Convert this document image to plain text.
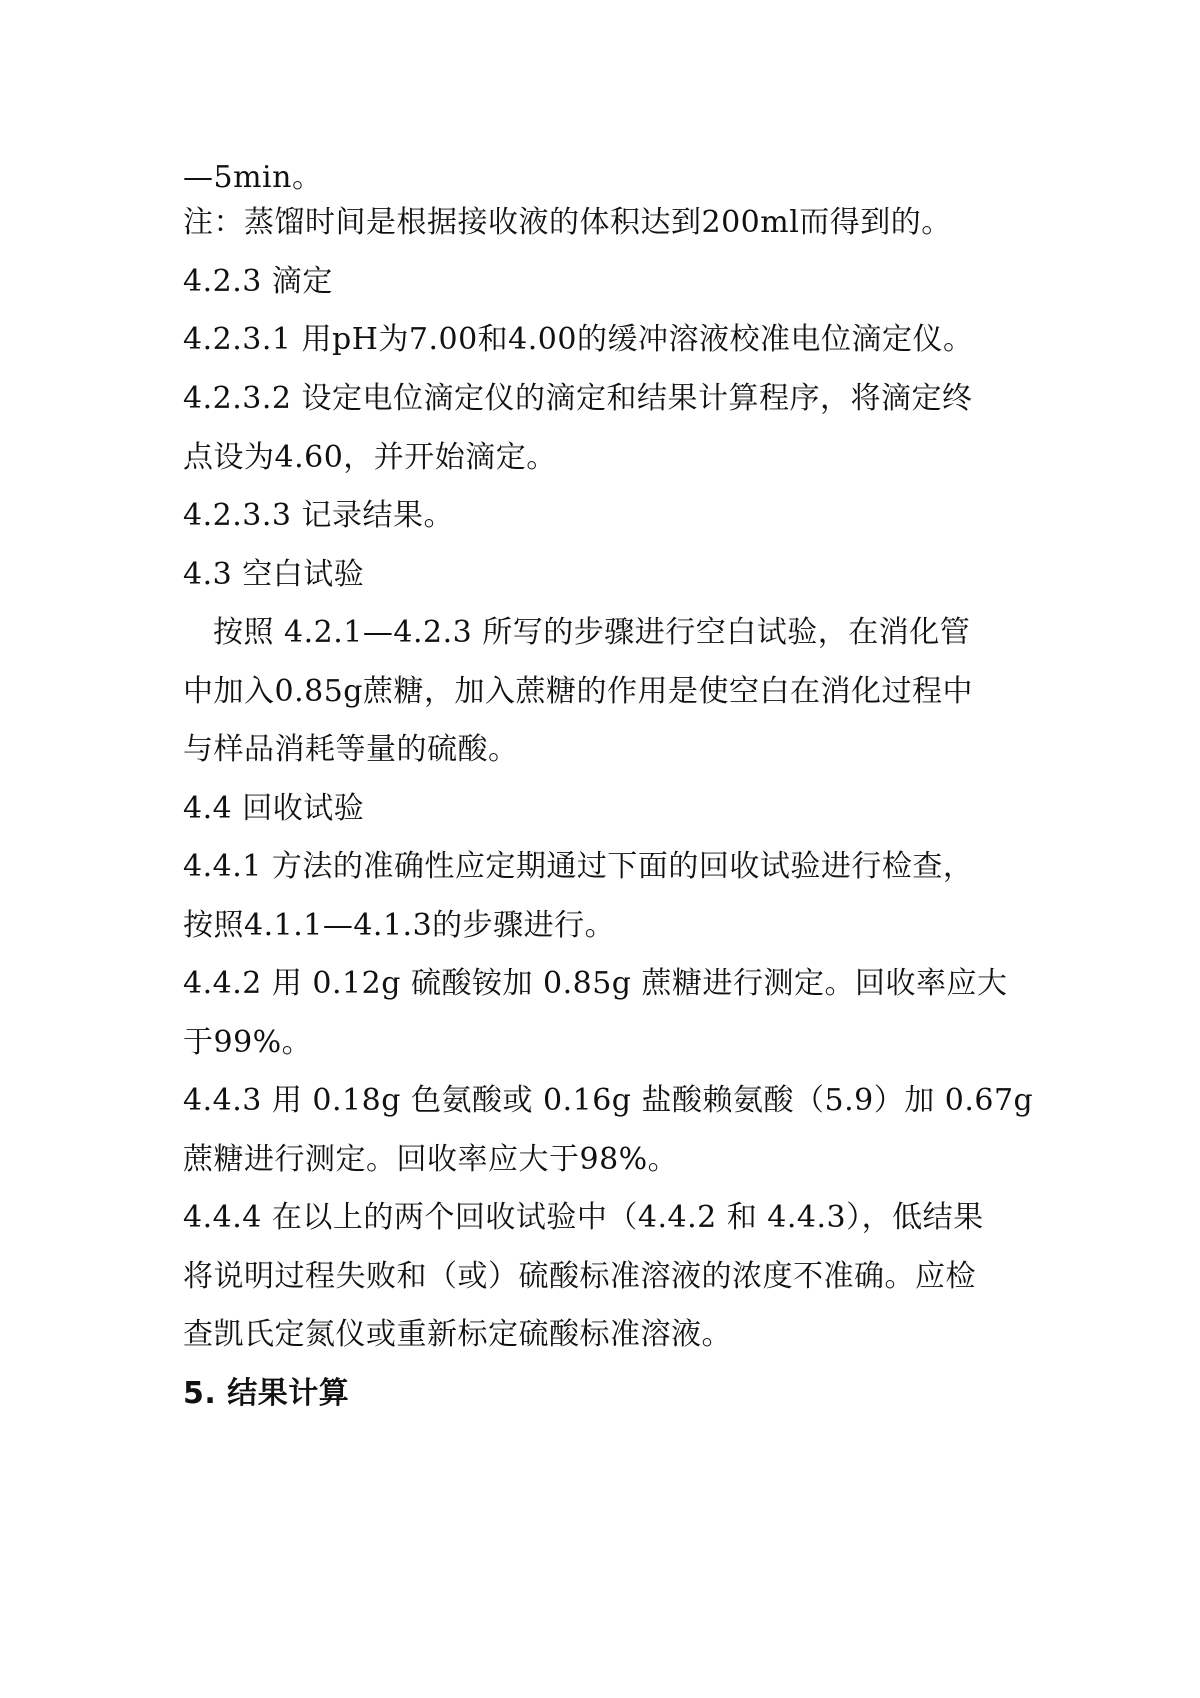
—5min。
注：蒸馏时间是根据接收液的体积达到200ml而得到的。
4.2.3 滴定
4.2.3.1 用pH为7.00和4.00的缓冲溶液校准电位滴定仪。
4.2.3.2 设定电位滴定仪的滴定和结果计算程序，将滴定终
点设为4.60，并开始滴定。
4.2.3.3 记录结果。
4.3 空白试验
按照 4.2.1—4.2.3 所写的步骤进行空白试验，在消化管
中加入0.85g蔗糖，加入蔗糖的作用是使空白在消化过程中
与样品消耗等量的硫酸。
4.4 回收试验
4.4.1 方法的准确性应定期通过下面的回收试验进行检查，
按照4.1.1—4.1.3的步骤进行。
4.4.2 用 0.12g 硫酸铵加 0.85g 蔗糖进行测定。回收率应大
于99%。
4.4.3 用 0.18g 色氨酸或 0.16g 盐酸赖氨酸（5.9）加 0.67g
蔗糖进行测定。回收率应大于98%。
4.4.4 在以上的两个回收试验中（4.4.2 和 4.4.3），低结果
将说明过程失败和（或）硫酸标准溶液的浓度不准确。应检
查凯氏定氮仪或重新标定硫酸标准溶液。
5. 结果计算
